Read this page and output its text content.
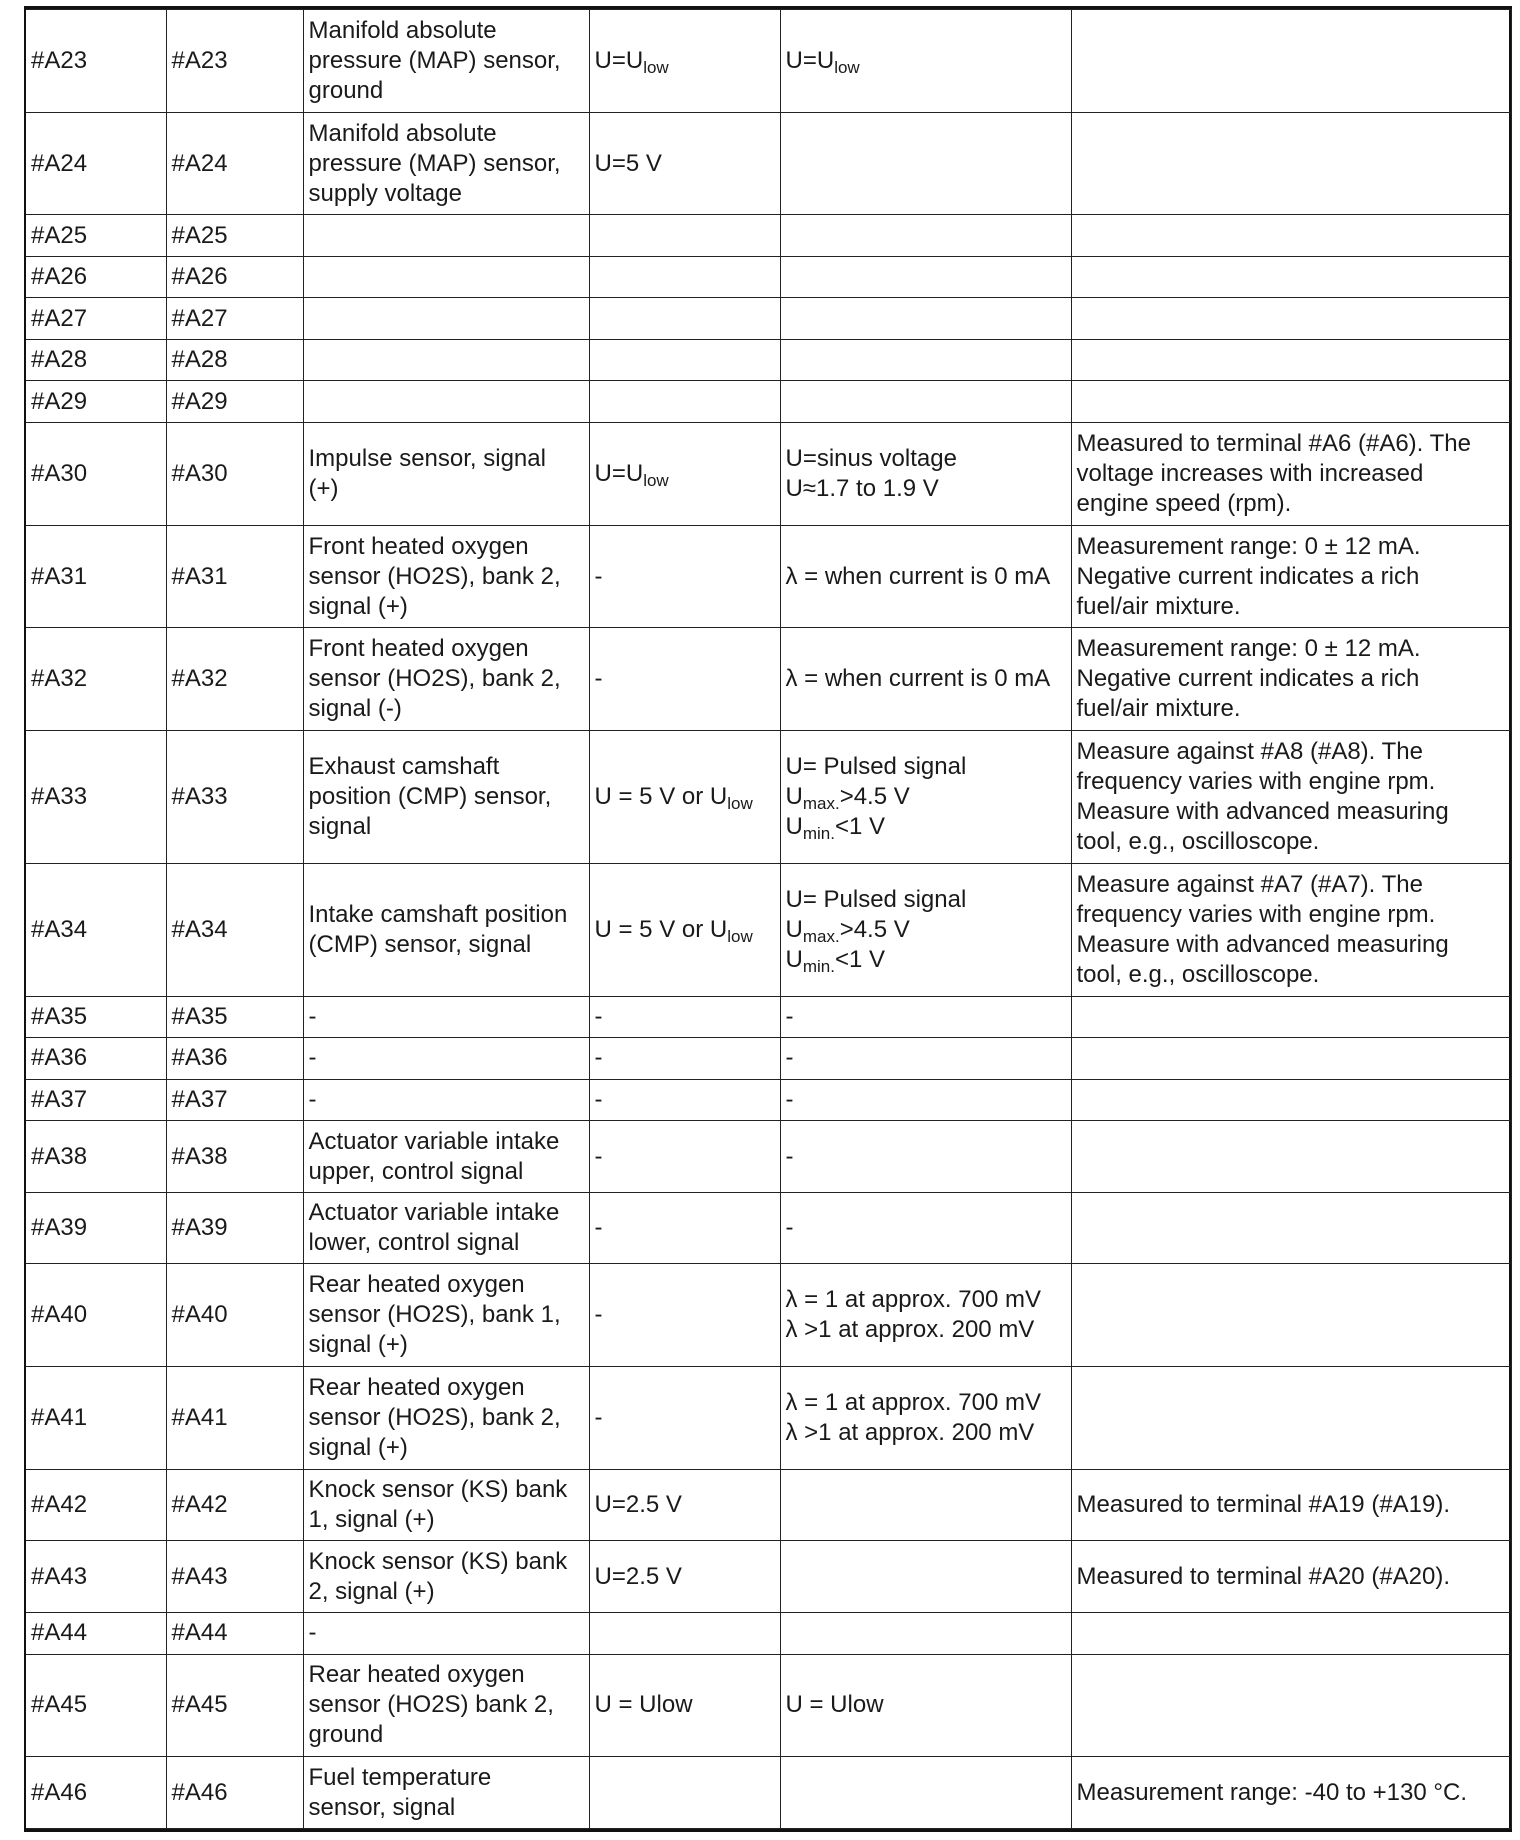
#A23	#A23	Manifold absolute
pressure (MAP) sensor,
ground	$U=U_{low}$	$U=U_{low}$

#A24	#A24	Manifold absolute
pressure (MAP) sensor,
supply voltage	U=5 V		

#A25	#A25				
#A26	#A26				
#A27	#A27				
#A28	#A28				
#A29	#A29				
#A30	#A30	Impulse sensor, signal
(+)	$U=U_{low}$	U=sinus voltage
U≈1.7 to 1.9 V	Measured to terminal #A6 (#A6). The
voltage increases with increased
engine speed (rpm).

#A31	#A31	Front heated oxygen
sensor (HO2S), bank 2,
signal (+)	-	λ = when current is 0 mA	Measurement range: 0 ± 12 mA.
Negative current indicates a rich
fuel/air mixture.

#A32	#A32	Front heated oxygen
sensor (HO2S), bank 2,
signal (-)	-	λ = when current is 0 mA	Measurement range: 0 ± 12 mA.
Negative current indicates a rich
fuel/air mixture.

#A33	#A33	Exhaust camshaft
position (CMP) sensor,
signal	U = 5 V or $U_{low}$	U= Pulsed signal
$U_{max.}>4.5$ V
$U_{min.}<1$ V	Measure against #A8 (#A8). The
frequency varies with engine rpm.
Measure with advanced measuring
tool, e.g., oscilloscope.

#A34	#A34	Intake camshaft position
(CMP) sensor, signal	U = 5 V or $U_{low}$	U= Pulsed signal
$U_{max.}>4.5$ V
$U_{min.}<1$ V	Measure against #A7 (#A7). The
frequency varies with engine rpm.
Measure with advanced measuring
tool, e.g., oscilloscope.

#A35	#A35	-	-	-	

#A36	#A36	-	-	-	

#A37	#A37	-	-	-	

#A38	#A38	Actuator variable intake
upper, control signal	-	-	

#A39	#A39	Actuator variable intake
lower, control signal	-	-	

#A40	#A40	Rear heated oxygen
sensor (HO2S), bank 1,
signal (+)	-	λ = 1 at approx. 700 mV
λ >1 at approx. 200 mV	

#A41	#A41	Rear heated oxygen
sensor (HO2S), bank 2,
signal (+)	-	λ = 1 at approx. 700 mV
λ >1 at approx. 200 mV	

#A42	#A42	Knock sensor (KS) bank
1, signal (+)	U=2.5 V		Measured to terminal #A19 (#A19).

#A43	#A43	Knock sensor (KS) bank
2, signal (+)	U=2.5 V		Measured to terminal #A20 (#A20).

#A44	#A44	-			

#A45	#A45	Rear heated oxygen
sensor (HO2S) bank 2,
ground	U = Ulow	U = Ulow	

#A46	#A46	Fuel temperature
sensor, signal			Measurement range: -40 to +130 °C.
